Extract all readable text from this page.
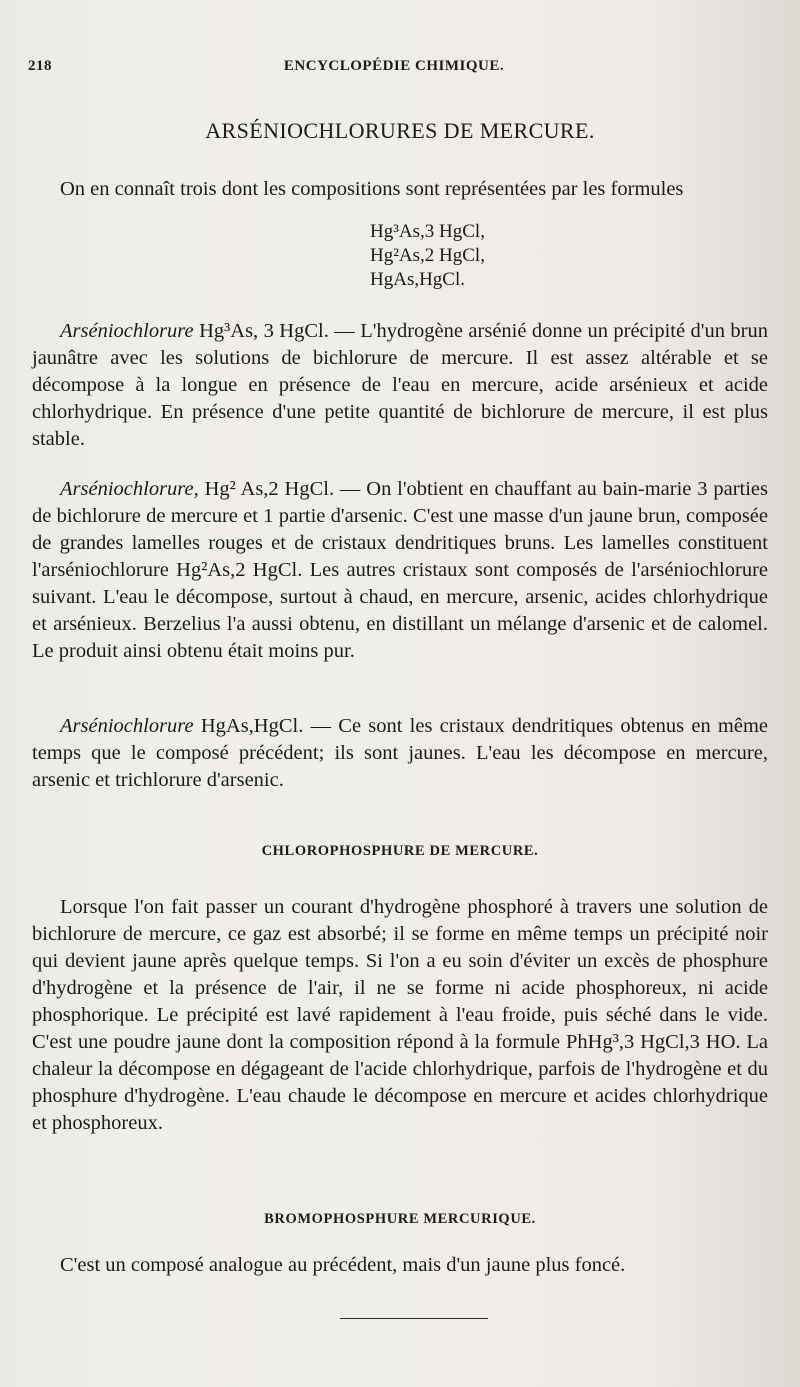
218	ENCYCLOPÉDIE CHIMIQUE.
ARSÉNIOCHLORURES DE MERCURE.
On en connaît trois dont les compositions sont représentées par les formules
Hg³As,3 HgCl,
Hg²As,2 HgCl,
HgAs,HgCl.
Arséniochlorure Hg³As, 3 HgCl. — L'hydrogène arsénié donne un précipité d'un brun jaunâtre avec les solutions de bichlorure de mercure. Il est assez altérable et se décompose à la longue en présence de l'eau en mercure, acide arsénieux et acide chlorhydrique. En présence d'une petite quantité de bichlorure de mercure, il est plus stable.
Arséniochlorure, Hg² As,2 HgCl. — On l'obtient en chauffant au bain-marie 3 parties de bichlorure de mercure et 1 partie d'arsenic. C'est une masse d'un jaune brun, composée de grandes lamelles rouges et de cristaux dendritiques bruns. Les lamelles constituent l'arséniochlorure Hg²As,2 HgCl. Les autres cristaux sont composés de l'arséniochlorure suivant. L'eau le décompose, surtout à chaud, en mercure, arsenic, acides chlorhydrique et arsénieux. Berzelius l'a aussi obtenu, en distillant un mélange d'arsenic et de calomel. Le produit ainsi obtenu était moins pur.
Arséniochlorure HgAs,HgCl. — Ce sont les cristaux dendritiques obtenus en même temps que le composé précédent; ils sont jaunes. L'eau les décompose en mercure, arsenic et trichlorure d'arsenic.
CHLOROPHOSPHURE DE MERCURE.
Lorsque l'on fait passer un courant d'hydrogène phosphoré à travers une solution de bichlorure de mercure, ce gaz est absorbé; il se forme en même temps un précipité noir qui devient jaune après quelque temps. Si l'on a eu soin d'éviter un excès de phosphure d'hydrogène et la présence de l'air, il ne se forme ni acide phosphoreux, ni acide phosphorique. Le précipité est lavé rapidement à l'eau froide, puis séché dans le vide. C'est une poudre jaune dont la composition répond à la formule PhHg³,3 HgCl,3 HO. La chaleur la décompose en dégageant de l'acide chlorhydrique, parfois de l'hydrogène et du phosphure d'hydrogène. L'eau chaude le décompose en mercure et acides chlorhydrique et phosphoreux.
BROMOPHOSPHURE MERCURIQUE.
C'est un composé analogue au précédent, mais d'un jaune plus foncé.
